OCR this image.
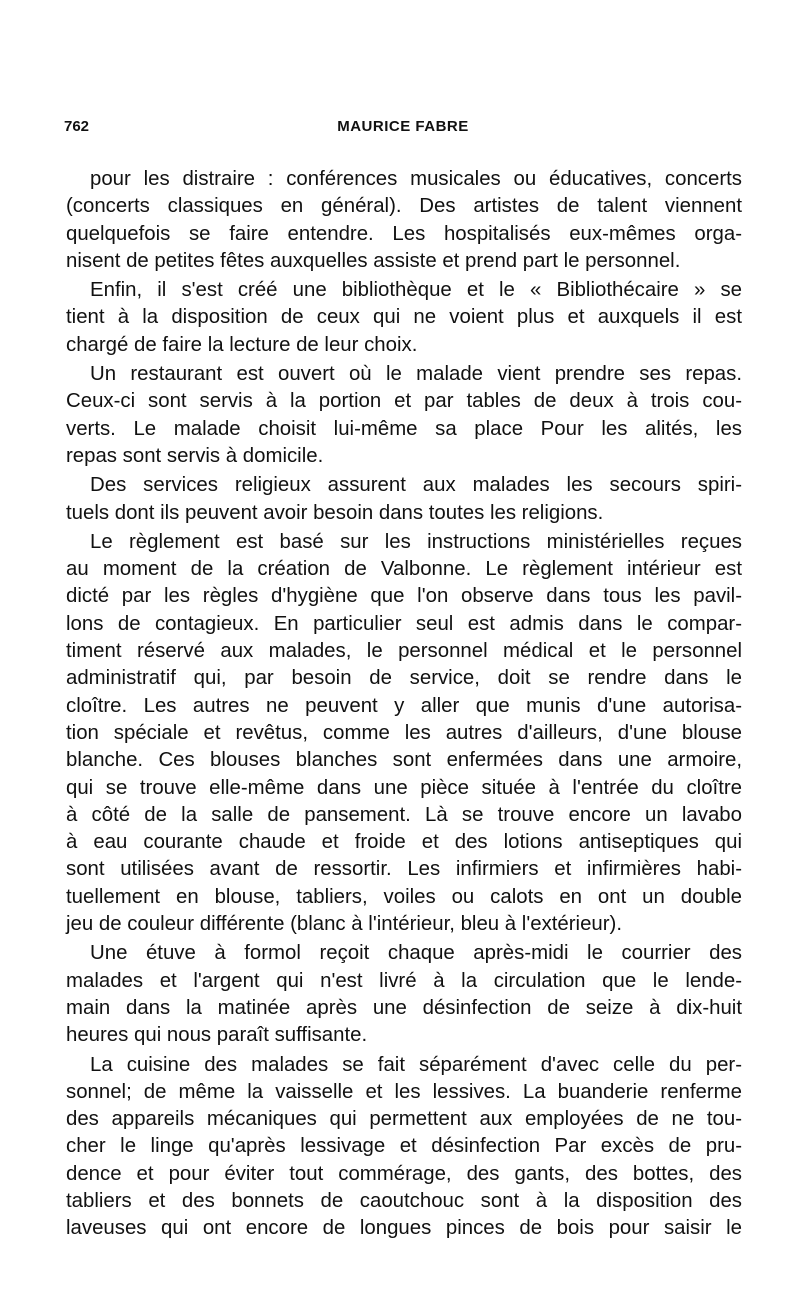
762	MAURICE FABRE
pour les distraire : conférences musicales ou éducatives, concerts
(concerts classiques en général). Des artistes de talent viennent
quelquefois se faire entendre. Les hospitalisés eux-mêmes orga-
nisent de petites fêtes auxquelles assiste et prend part le personnel.
Enfin, il s'est créé une bibliothèque et le « Bibliothécaire » se
tient à la disposition de ceux qui ne voient plus et auxquels il est
chargé de faire la lecture de leur choix.
Un restaurant est ouvert où le malade vient prendre ses repas.
Ceux-ci sont servis à la portion et par tables de deux à trois cou-
verts. Le malade choisit lui-même sa place Pour les alités, les
repas sont servis à domicile.
Des services religieux assurent aux malades les secours spiri-
tuels dont ils peuvent avoir besoin dans toutes les religions.
Le règlement est basé sur les instructions ministérielles reçues
au moment de la création de Valbonne. Le règlement intérieur est
dicté par les règles d'hygiène que l'on observe dans tous les pavil-
lons de contagieux. En particulier seul est admis dans le compar-
timent réservé aux malades, le personnel médical et le personnel
administratif qui, par besoin de service, doit se rendre dans le
cloître. Les autres ne peuvent y aller que munis d'une autorisa-
tion spéciale et revêtus, comme les autres d'ailleurs, d'une blouse
blanche. Ces blouses blanches sont enfermées dans une armoire,
qui se trouve elle-même dans une pièce située à l'entrée du cloître
à côté de la salle de pansement. Là se trouve encore un lavabo
à eau courante chaude et froide et des lotions antiseptiques qui
sont utilisées avant de ressortir. Les infirmiers et infirmières habi-
tuellement en blouse, tabliers, voiles ou calots en ont un double
jeu de couleur différente (blanc à l'intérieur, bleu à l'extérieur).
Une étuve à formol reçoit chaque après-midi le courrier des
malades et l'argent qui n'est livré à la circulation que le lende-
main dans la matinée après une désinfection de seize à dix-huit
heures qui nous paraît suffisante.
La cuisine des malades se fait séparément d'avec celle du per-
sonnel; de même la vaisselle et les lessives. La buanderie renferme
des appareils mécaniques qui permettent aux employées de ne tou-
cher le linge qu'après lessivage et désinfection Par excès de pru-
dence et pour éviter tout commérage, des gants, des bottes, des
tabliers et des bonnets de caoutchouc sont à la disposition des
laveuses qui ont encore de longues pinces de bois pour saisir le
